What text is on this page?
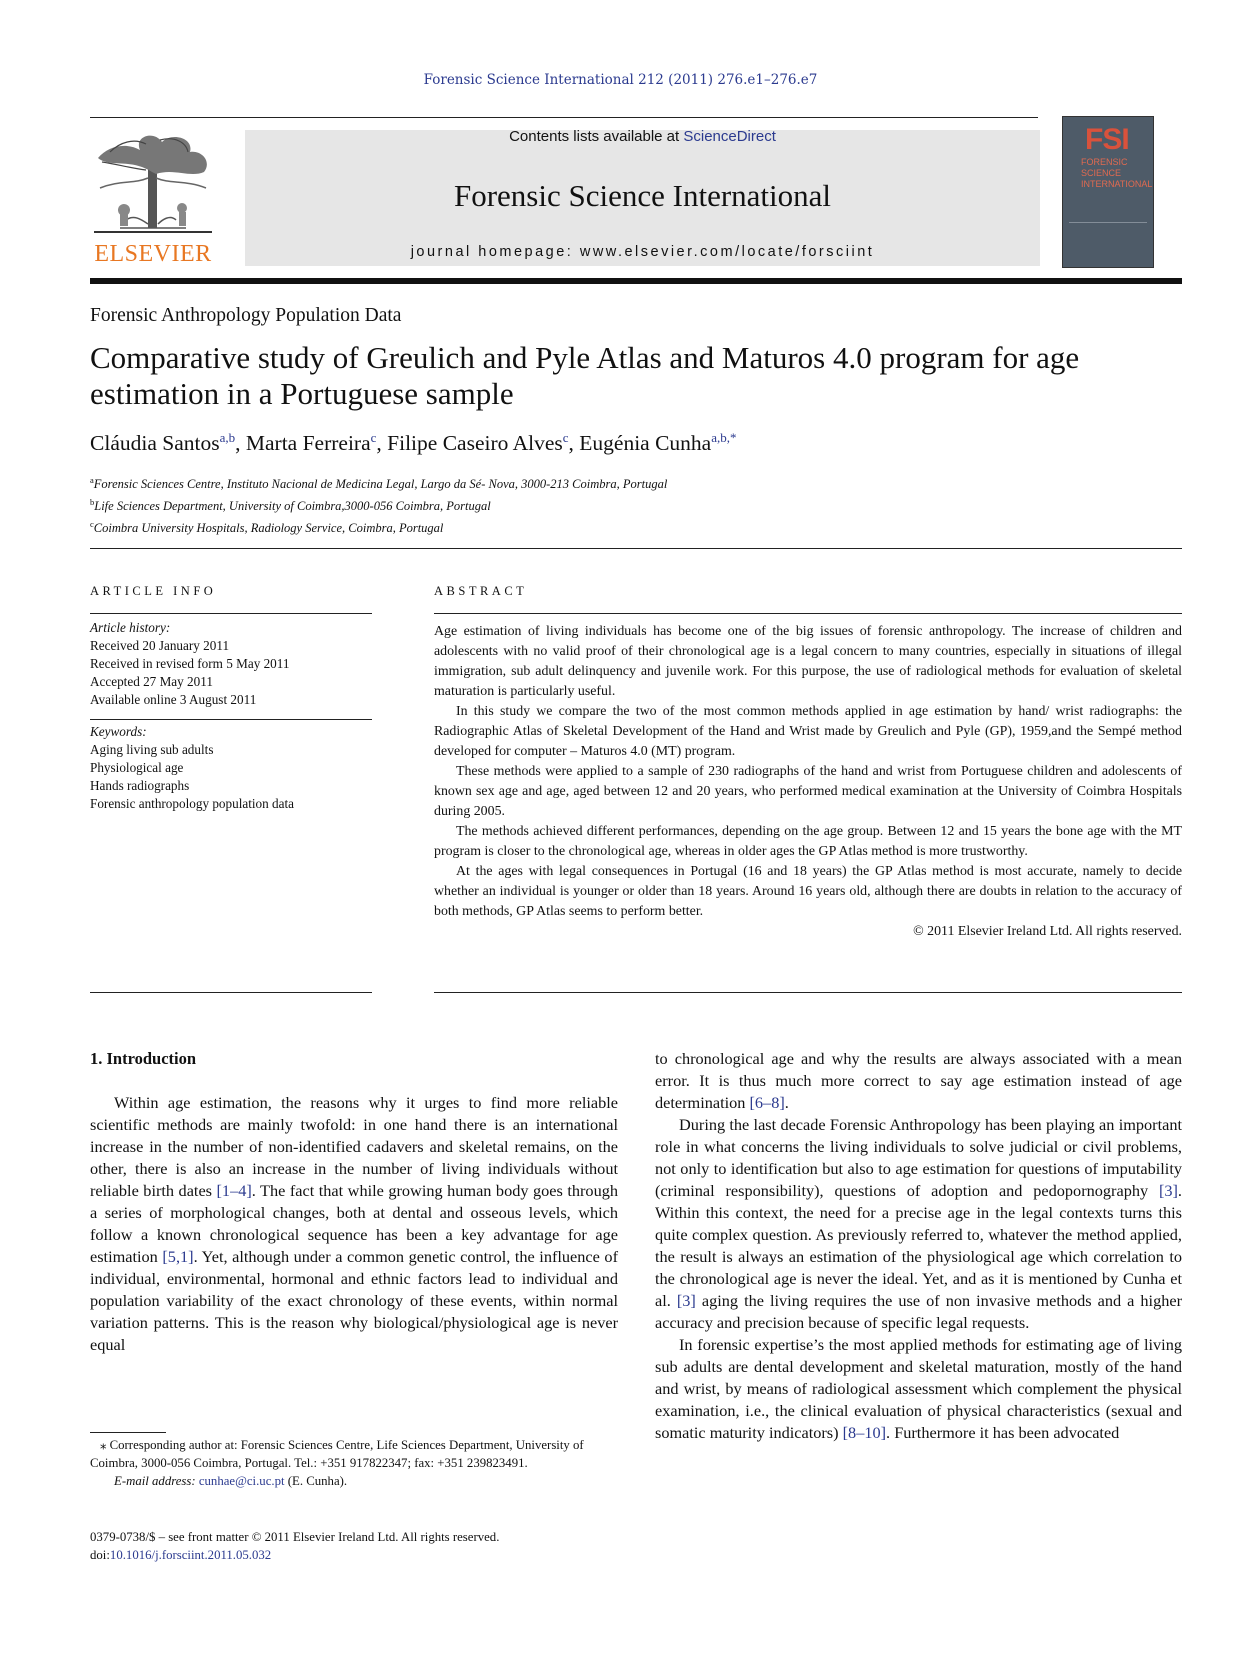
Forensic Science International 212 (2011) 276.e1–276.e7
ELSEVIER
Contents lists available at ScienceDirect
Forensic Science International
journal homepage: www.elsevier.com/locate/forsciint
FSI
FORENSIC SCIENCE INTERNATIONAL
Forensic Anthropology Population Data
Comparative study of Greulich and Pyle Atlas and Maturos 4.0 program for age estimation in a Portuguese sample
Cláudia Santos$^{a,b}$, Marta Ferreira$^c$, Filipe Caseiro Alves$^c$, Eugénia Cunha$^{a,b,*}$
$^a$Forensic Sciences Centre, Instituto Nacional de Medicina Legal, Largo da Sé- Nova, 3000-213 Coimbra, Portugal
$^b$Life Sciences Department, University of Coimbra,3000-056 Coimbra, Portugal
$^c$Coimbra University Hospitals, Radiology Service, Coimbra, Portugal
ARTICLE INFO
Article history:
Received 20 January 2011
Received in revised form 5 May 2011
Accepted 27 May 2011
Available online 3 August 2011
Keywords:
Aging living sub adults
Physiological age
Hands radiographs
Forensic anthropology population data
ABSTRACT

Age estimation of living individuals has become one of the big issues of forensic anthropology. The increase of children and adolescents with no valid proof of their chronological age is a legal concern to many countries, especially in situations of illegal immigration, sub adult delinquency and juvenile work. For this purpose, the use of radiological methods for evaluation of skeletal maturation is particularly useful.

In this study we compare the two of the most common methods applied in age estimation by hand/ wrist radiographs: the Radiographic Atlas of Skeletal Development of the Hand and Wrist made by Greulich and Pyle (GP), 1959,and the Sempé method developed for computer – Maturos 4.0 (MT) program.

These methods were applied to a sample of 230 radiographs of the hand and wrist from Portuguese children and adolescents of known sex age and age, aged between 12 and 20 years, who performed medical examination at the University of Coimbra Hospitals during 2005.

The methods achieved different performances, depending on the age group. Between 12 and 15 years the bone age with the MT program is closer to the chronological age, whereas in older ages the GP Atlas method is more trustworthy.

At the ages with legal consequences in Portugal (16 and 18 years) the GP Atlas method is most accurate, namely to decide whether an individual is younger or older than 18 years. Around 16 years old, although there are doubts in relation to the accuracy of both methods, GP Atlas seems to perform better.

© 2011 Elsevier Ireland Ltd. All rights reserved.
1. Introduction

Within age estimation, the reasons why it urges to find more reliable scientific methods are mainly twofold: in one hand there is an international increase in the number of non-identified cadavers and skeletal remains, on the other, there is also an increase in the number of living individuals without reliable birth dates [1–4]. The fact that while growing human body goes through a series of morphological changes, both at dental and osseous levels, which follow a known chronological sequence has been a key advantage for age estimation [5,1]. Yet, although under a common genetic control, the influence of individual, environmental, hormonal and ethnic factors lead to individual and population variability of the exact chronology of these events, within normal variation patterns. This is the reason why biological/physiological age is never equal

to chronological age and why the results are always associated with a mean error. It is thus much more correct to say age estimation instead of age determination [6–8].

During the last decade Forensic Anthropology has been playing an important role in what concerns the living individuals to solve judicial or civil problems, not only to identification but also to age estimation for questions of imputability (criminal responsibility), questions of adoption and pedopornography [3]. Within this context, the need for a precise age in the legal contexts turns this quite complex question. As previously referred to, whatever the method applied, the result is always an estimation of the physiological age which correlation to the chronological age is never the ideal. Yet, and as it is mentioned by Cunha et al. [3] aging the living requires the use of non invasive methods and a higher accuracy and precision because of specific legal requests.

In forensic expertise’s the most applied methods for estimating age of living sub adults are dental development and skeletal maturation, mostly of the hand and wrist, by means of radiological assessment which complement the physical examination, i.e., the clinical evaluation of physical characteristics (sexual and somatic maturity indicators) [8–10]. Furthermore it has been advocated

⁎ Corresponding author at: Forensic Sciences Centre, Life Sciences Department, University of Coimbra, 3000-056 Coimbra, Portugal. Tel.: +351 917822347; fax: +351 239823491.

E-mail address: cunhae@ci.uc.pt (E. Cunha).

0379-0738/$ – see front matter © 2011 Elsevier Ireland Ltd. All rights reserved.

doi:10.1016/j.forsciint.2011.05.032
